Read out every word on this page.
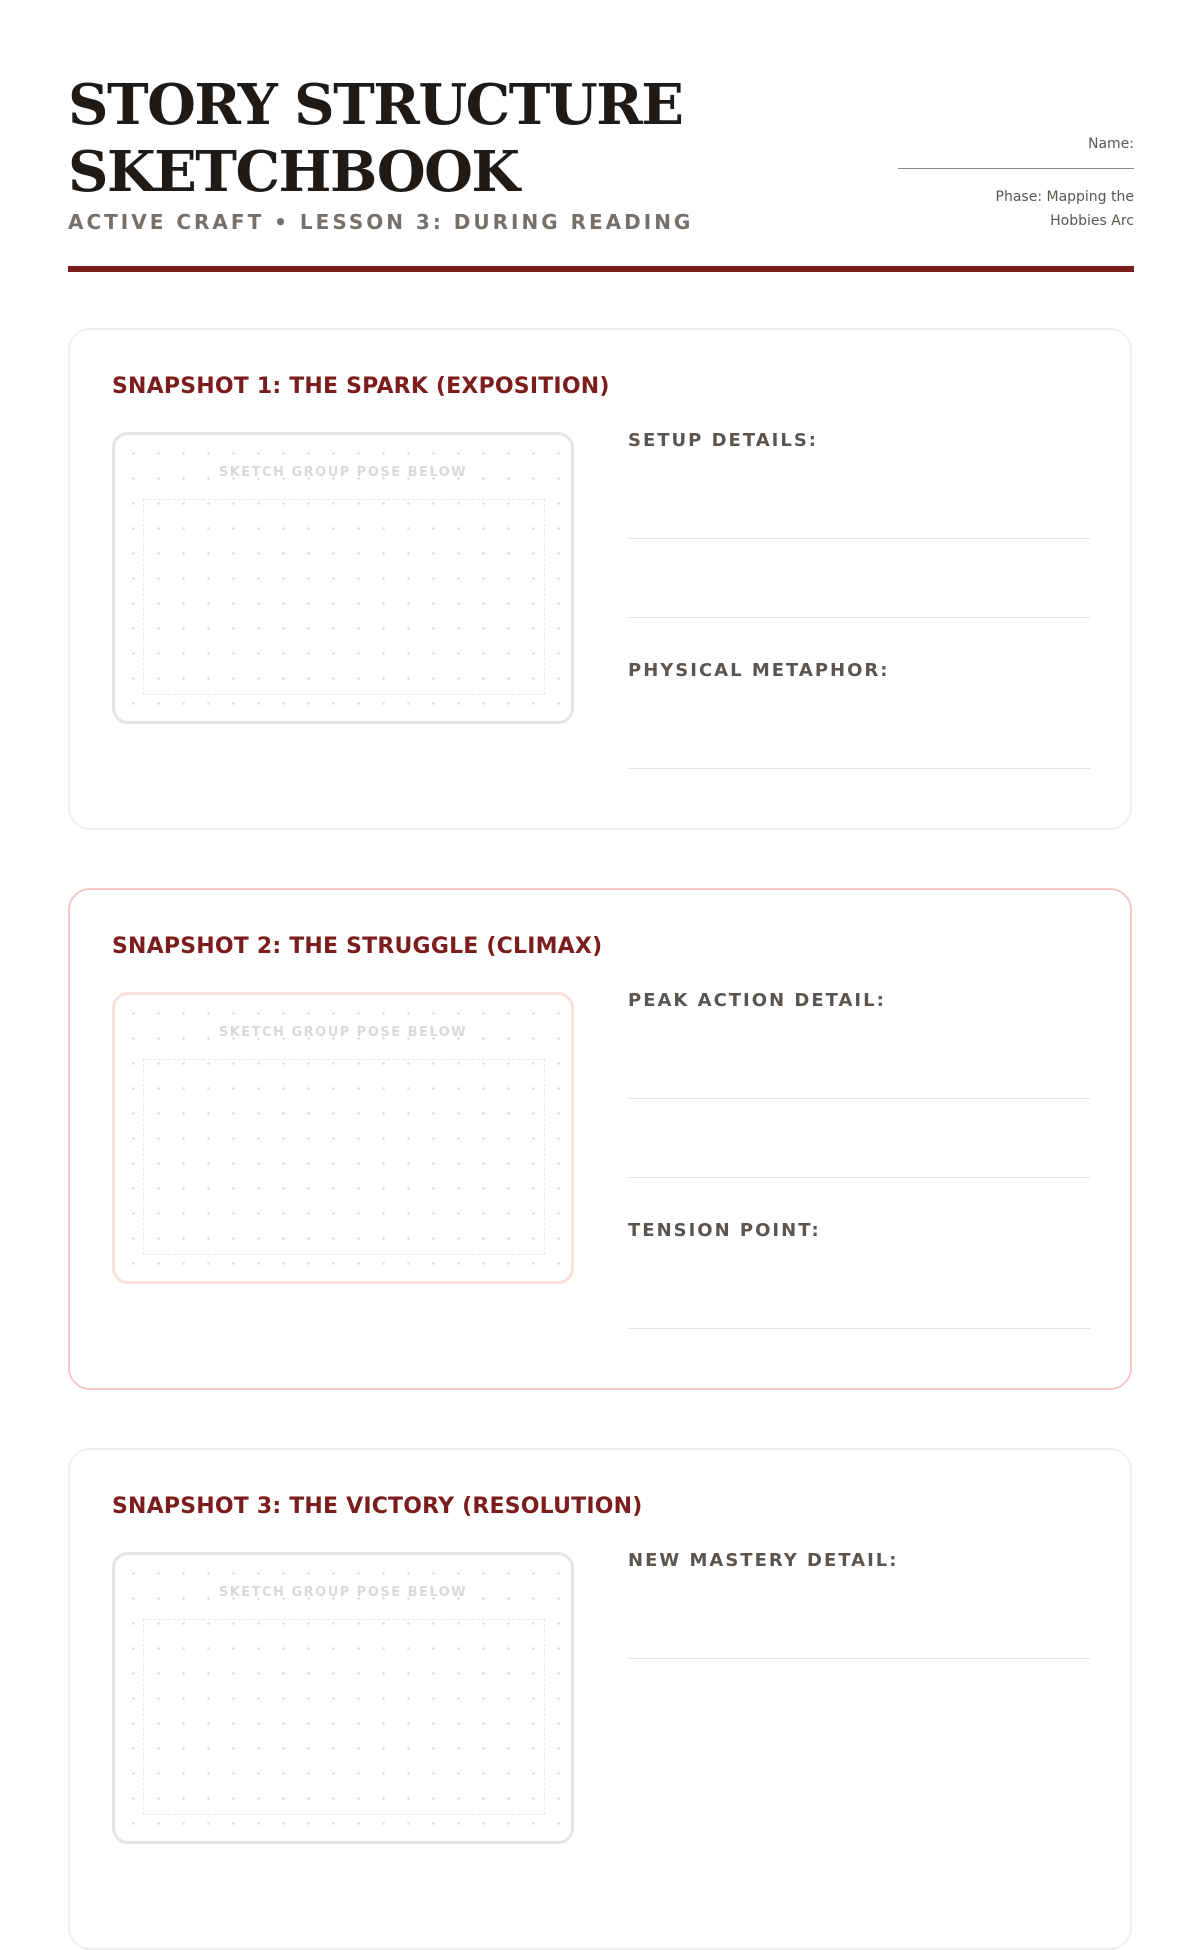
STORY STRUCTURE
SKETCHBOOK
ACTIVE CRAFT • LESSON 3: DURING READING
Name:
Phase: Mapping the Hobbies Arc
SNAPSHOT 1: THE SPARK (EXPOSITION)
SKETCH GROUP POSE BELOW
SETUP DETAILS:
PHYSICAL METAPHOR:
SNAPSHOT 2: THE STRUGGLE (CLIMAX)
SKETCH GROUP POSE BELOW
PEAK ACTION DETAIL:
TENSION POINT:
SNAPSHOT 3: THE VICTORY (RESOLUTION)
SKETCH GROUP POSE BELOW
NEW MASTERY DETAIL:
